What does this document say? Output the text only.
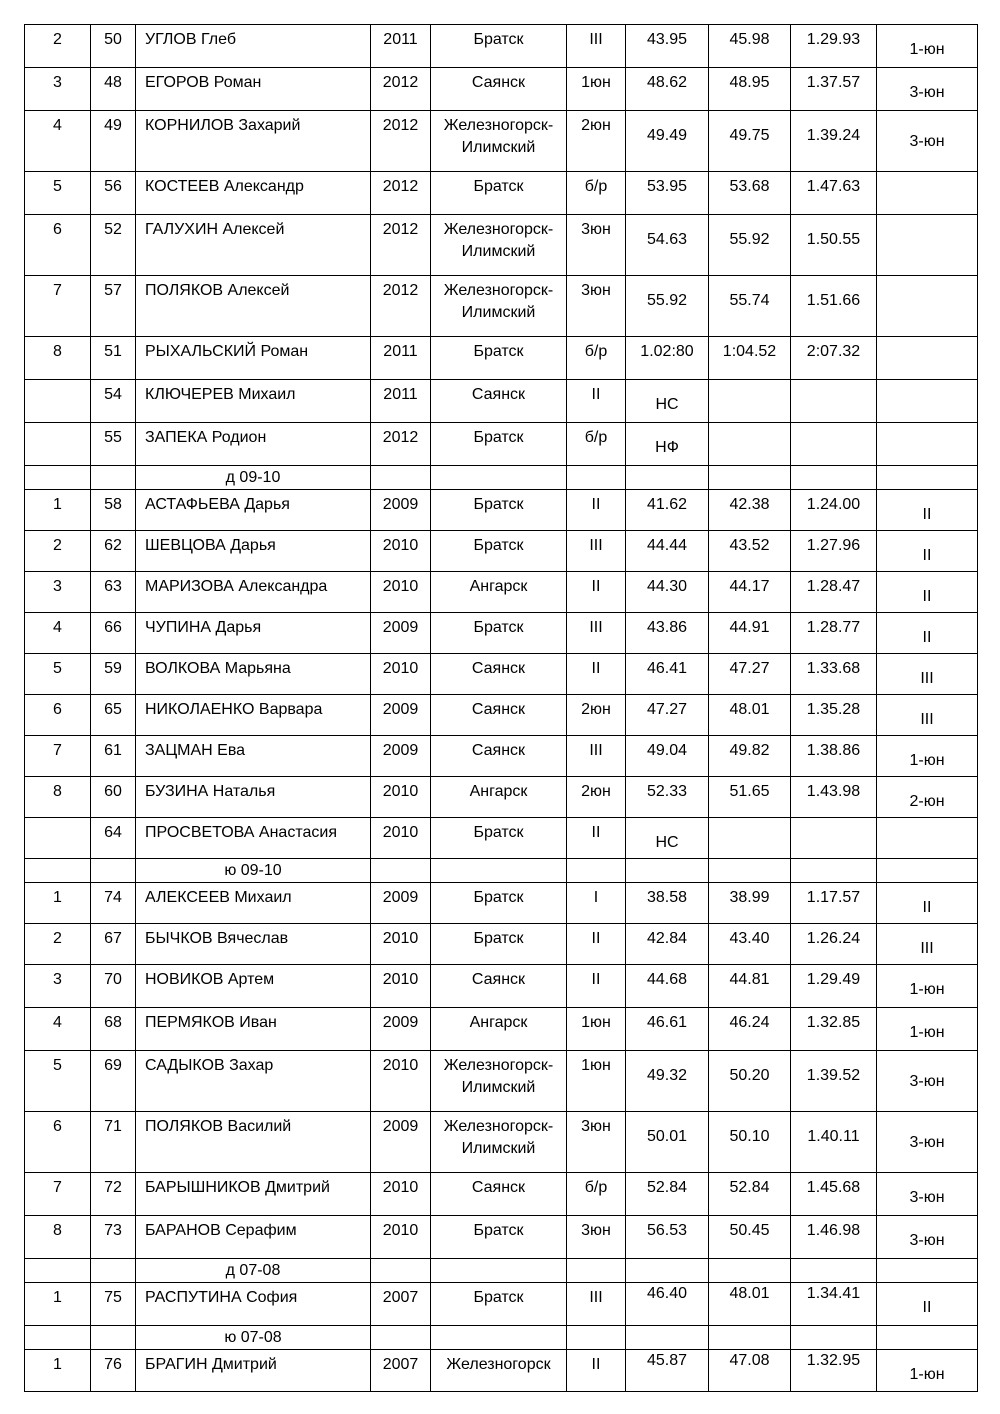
2	50	УГЛОВ Глеб	2011	Братск	III	43.95	45.98	1.29.93	1-юн

3	48	ЕГОРОВ Роман	2012	Саянск	1юн	48.62	48.95	1.37.57	3-юн

4	49	КОРНИЛОВ Захарий	2012	Железногорск-Илимский	2юн	49.49	49.75	1.39.24	3-юн

5	56	КОСТЕЕВ Александр	2012	Братск	б/р	53.95	53.68	1.47.63	

6	52	ГАЛУХИН Алексей	2012	Железногорск-Илимский	3юн	54.63	55.92	1.50.55	

7	57	ПОЛЯКОВ Алексей	2012	Железногорск-Илимский	3юн	55.92	55.74	1.51.66	

8	51	РЫХАЛЬСКИЙ Роман	2011	Братск	б/р	1.02:80	1:04.52	2:07.32	

	54	КЛЮЧЕРЕВ Михаил	2011	Саянск	II	НС			

	55	ЗАПЕКА Родион	2012	Братск	б/р	НФ			

		д 09-10							

1	58	АСТАФЬЕВА Дарья	2009	Братск	II	41.62	42.38	1.24.00	II

2	62	ШЕВЦОВА Дарья	2010	Братск	III	44.44	43.52	1.27.96	II

3	63	МАРИЗОВА Александра	2010	Ангарск	II	44.30	44.17	1.28.47	II

4	66	ЧУПИНА Дарья	2009	Братск	III	43.86	44.91	1.28.77	II

5	59	ВОЛКОВА Марьяна	2010	Саянск	II	46.41	47.27	1.33.68	III

6	65	НИКОЛАЕНКО Варвара	2009	Саянск	2юн	47.27	48.01	1.35.28	III

7	61	ЗАЦМАН Ева	2009	Саянск	III	49.04	49.82	1.38.86	1-юн

8	60	БУЗИНА Наталья	2010	Ангарск	2юн	52.33	51.65	1.43.98	2-юн

	64	ПРОСВЕТОВА Анастасия	2010	Братск	II	НС			

		ю 09-10							

1	74	АЛЕКСЕЕВ Михаил	2009	Братск	I	38.58	38.99	1.17.57	II

2	67	БЫЧКОВ Вячеслав	2010	Братск	II	42.84	43.40	1.26.24	III

3	70	НОВИКОВ Артем	2010	Саянск	II	44.68	44.81	1.29.49	1-юн

4	68	ПЕРМЯКОВ Иван	2009	Ангарск	1юн	46.61	46.24	1.32.85	1-юн

5	69	САДЫКОВ Захар	2010	Железногорск-Илимский	1юн	49.32	50.20	1.39.52	3-юн

6	71	ПОЛЯКОВ Василий	2009	Железногорск-Илимский	3юн	50.01	50.10	1.40.11	3-юн

7	72	БАРЫШНИКОВ Дмитрий	2010	Саянск	б/р	52.84	52.84	1.45.68	3-юн

8	73	БАРАНОВ Серафим	2010	Братск	3юн	56.53	50.45	1.46.98	3-юн

		д 07-08							

1	75	РАСПУТИНА София	2007	Братск	III	46.40	48.01	1.34.41	II

		ю 07-08							

1	76	БРАГИН Дмитрий	2007	Железногорск	II	45.87	47.08	1.32.95	1-юн
